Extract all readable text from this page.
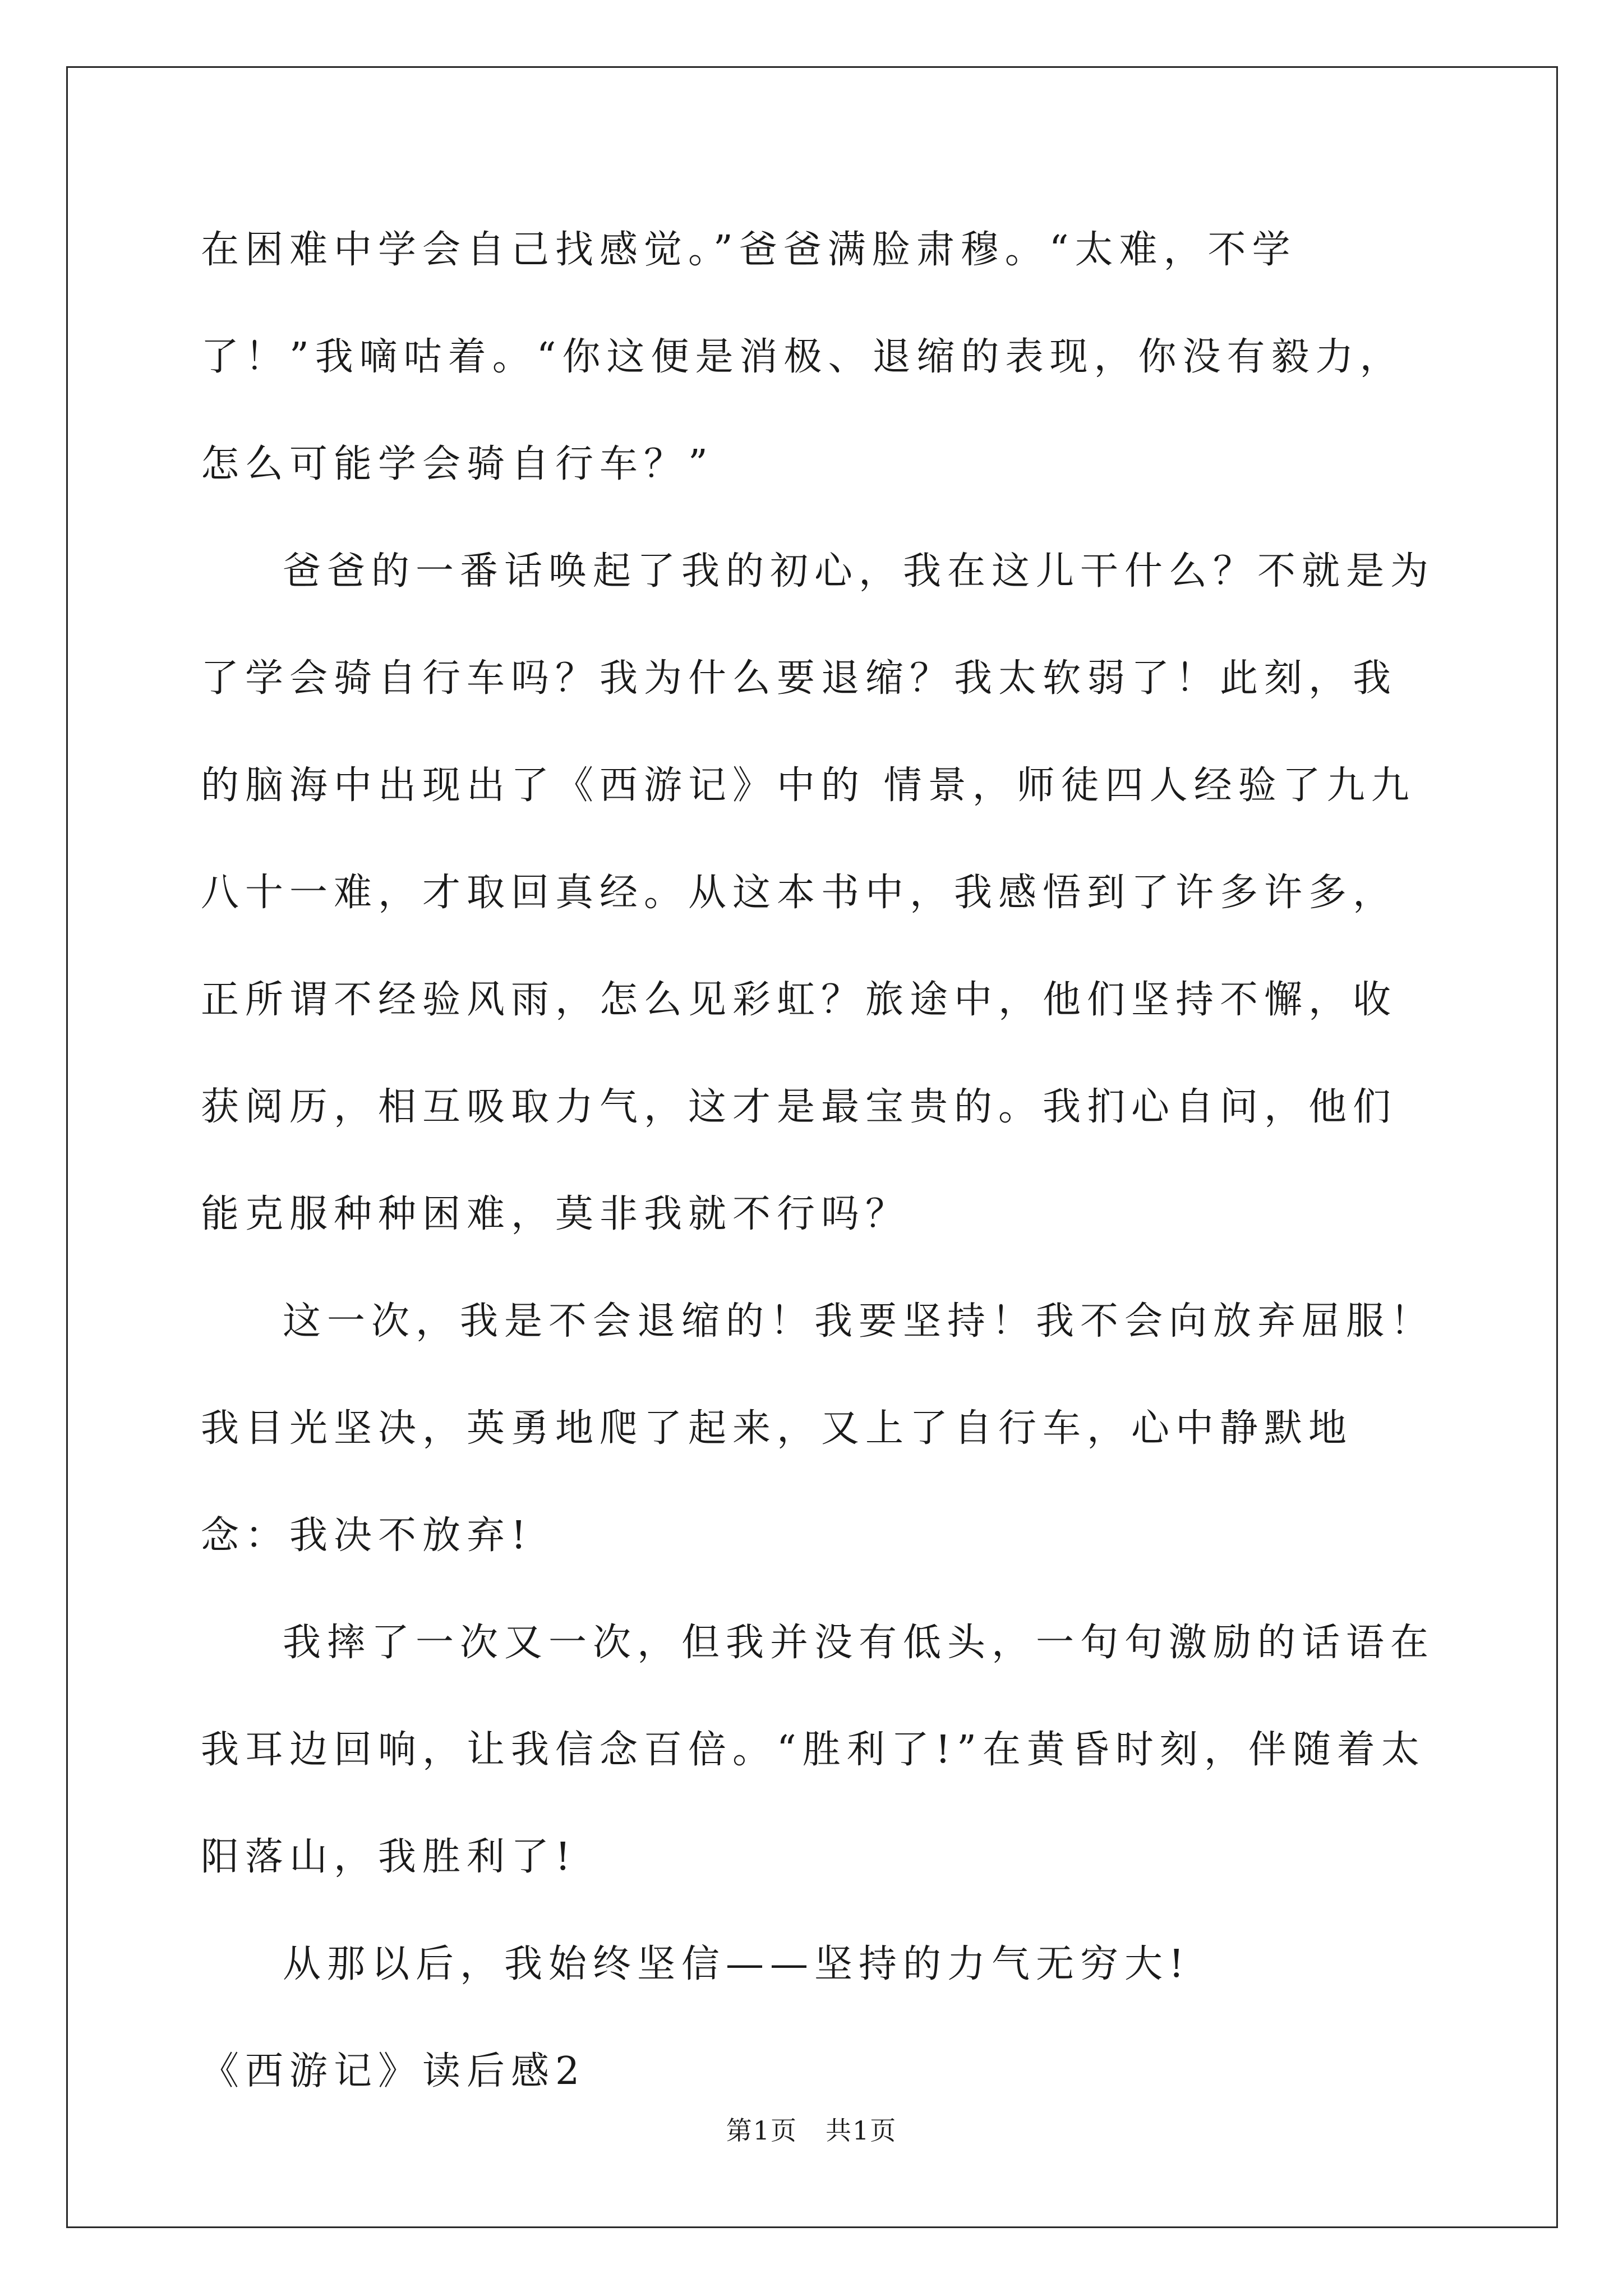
在困难中学会自己找感觉。”爸爸满脸肃穆。“太难，不学了！”我嘀咕着。“你这便是消极、退缩的表现，你没有毅力，怎么可能学会骑自行车？”

爸爸的一番话唤起了我的初心，我在这儿干什么？不就是为了学会骑自行车吗？我为什么要退缩？我太软弱了！此刻，我的脑海中出现出了《西游记》中的 情景，师徒四人经验了九九八十一难，才取回真经。从这本书中，我感悟到了许多许多，正所谓不经验风雨，怎么见彩虹？旅途中，他们坚持不懈，收获阅历，相互吸取力气，这才是最宝贵的。我扪心自问，他们能克服种种困难，莫非我就不行吗？

这一次，我是不会退缩的！我要坚持！我不会向放弃屈服！我目光坚决，英勇地爬了起来，又上了自行车，心中静默地念：我决不放弃!

我摔了一次又一次，但我并没有低头，一句句激励的话语在我耳边回响，让我信念百倍。“胜利了!”在黄昏时刻，伴随着太阳落山，我胜利了!

从那以后，我始终坚信——坚持的力气无穷大!

《西游记》读后感2

第1页 共1页
